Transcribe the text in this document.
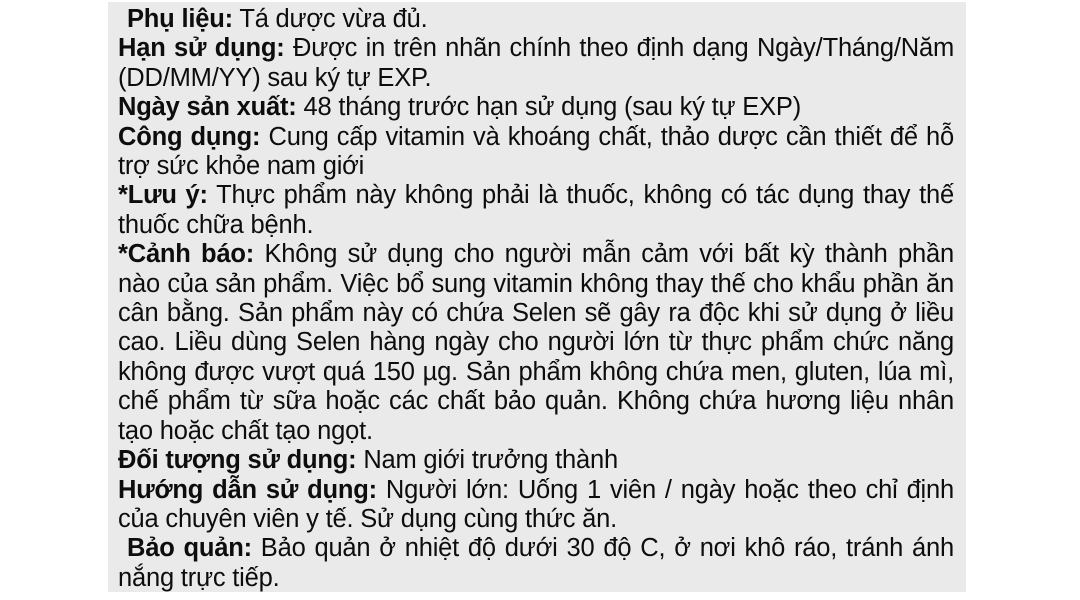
Phụ liệu: Tá dược vừa đủ.

Hạn sử dụng: Được in trên nhãn chính theo định dạng Ngày/Tháng/Năm (DD/MM/YY) sau ký tự EXP.

Ngày sản xuất: 48 tháng trước hạn sử dụng (sau ký tự EXP)

Công dụng: Cung cấp vitamin và khoáng chất, thảo dược cần thiết để hỗ trợ sức khỏe nam giới

*Lưu ý: Thực phẩm này không phải là thuốc, không có tác dụng thay thế thuốc chữa bệnh.

*Cảnh báo: Không sử dụng cho người mẫn cảm với bất kỳ thành phần nào của sản phẩm. Việc bổ sung vitamin không thay thế cho khẩu phần ăn cân bằng. Sản phẩm này có chứa Selen sẽ gây ra độc khi sử dụng ở liều cao. Liều dùng Selen hàng ngày cho người lớn từ thực phẩm chức năng không được vượt quá 150 µg. Sản phẩm không chứa men, gluten, lúa mì, chế phẩm từ sữa hoặc các chất bảo quản. Không chứa hương liệu nhân tạo hoặc chất tạo ngọt.

Đối tượng sử dụng: Nam giới trưởng thành

Hướng dẫn sử dụng: Người lớn: Uống 1 viên / ngày hoặc theo chỉ định của chuyên viên y tế. Sử dụng cùng thức ăn.

Bảo quản: Bảo quản ở nhiệt độ dưới 30 độ C, ở nơi khô ráo, tránh ánh nắng trực tiếp.
